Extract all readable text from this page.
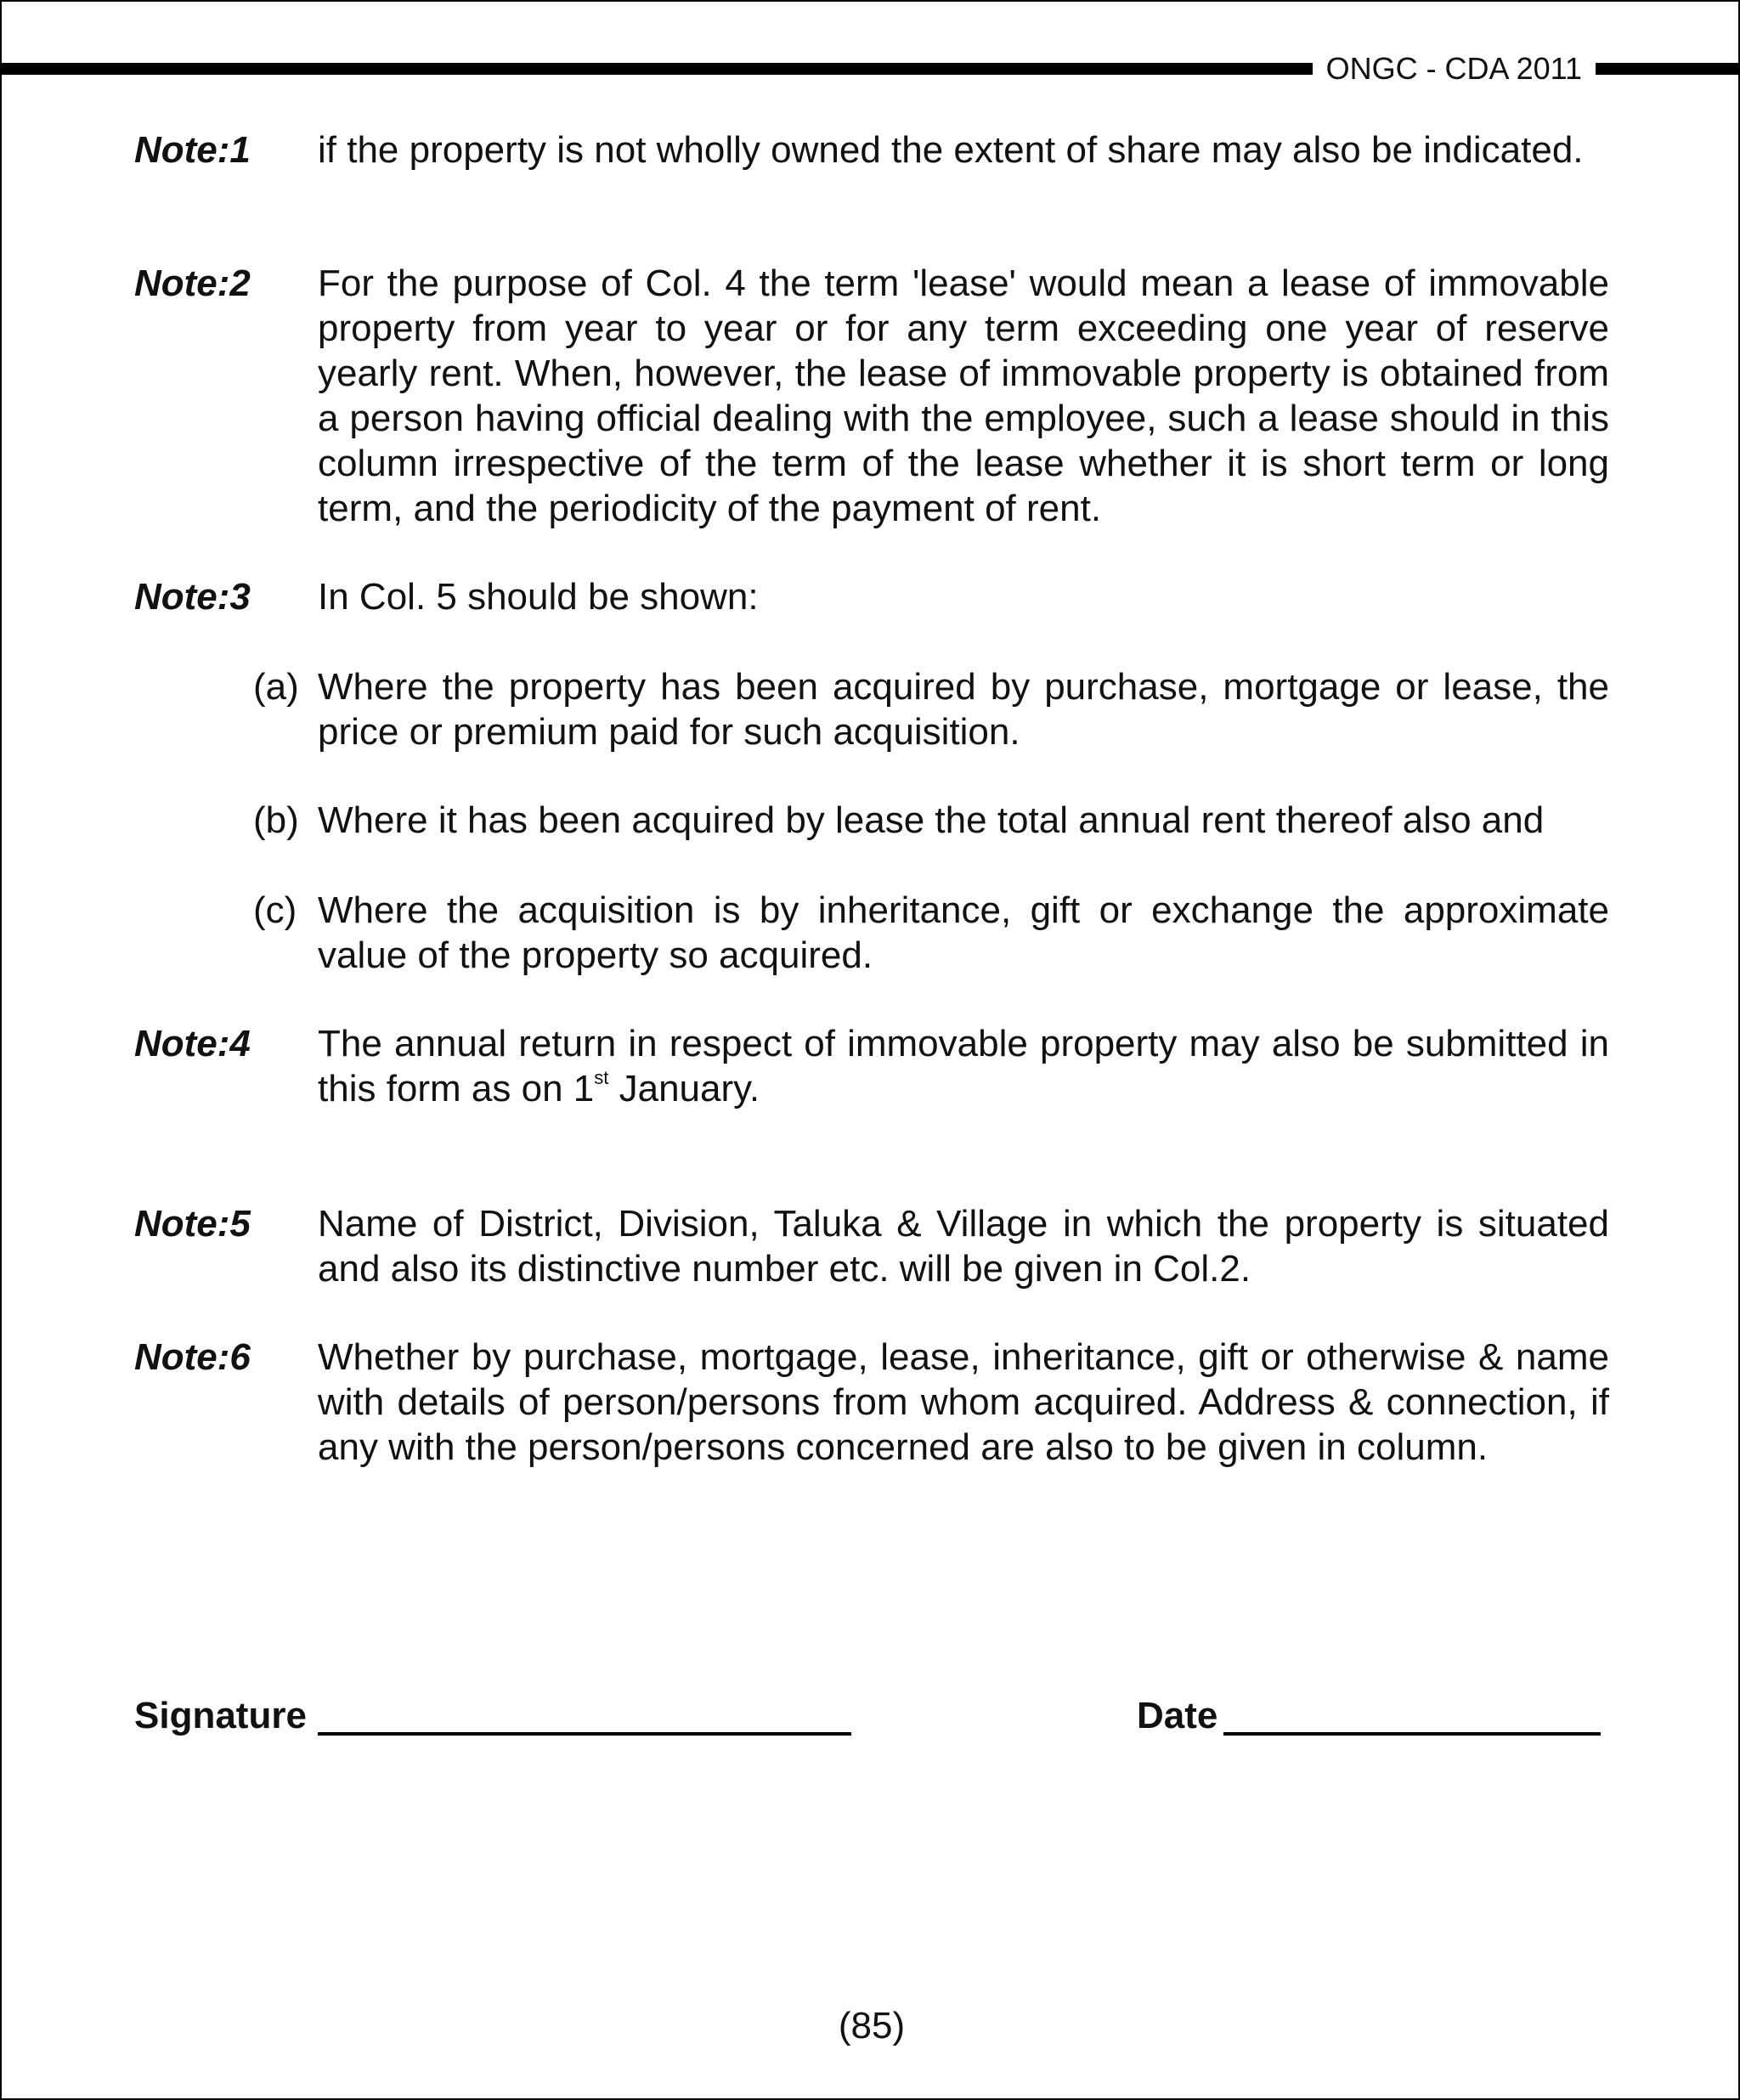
ONGC - CDA 2011
Note:1 if the property is not wholly owned the extent of share may also be indicated.
Note:2 For the purpose of Col. 4 the term 'lease' would mean a lease of immovable property from year to year or for any term exceeding one year of reserve yearly rent. When, however, the lease of immovable property is obtained from a person having official dealing with the employee, such a lease should in this column irrespective of the term of the lease whether it is short term or long term, and the periodicity of the payment of rent.
Note:3 In Col. 5 should be shown:
(a) Where the property has been acquired by purchase, mortgage or lease, the price or premium paid for such acquisition.
(b) Where it has been acquired by lease the total annual rent thereof also and
(c) Where the acquisition is by inheritance, gift or exchange the approximate value of the property so acquired.
Note:4 The annual return in respect of immovable property may also be submitted in this form as on 1st January.
Note:5 Name of District, Division, Taluka & Village in which the property is situated and also its distinctive number etc. will be given in Col.2.
Note:6 Whether by purchase, mortgage, lease, inheritance, gift or otherwise & name with details of person/persons from whom acquired. Address & connection, if any with the person/persons concerned are also to be given in column.
Signature	Date
(85)
